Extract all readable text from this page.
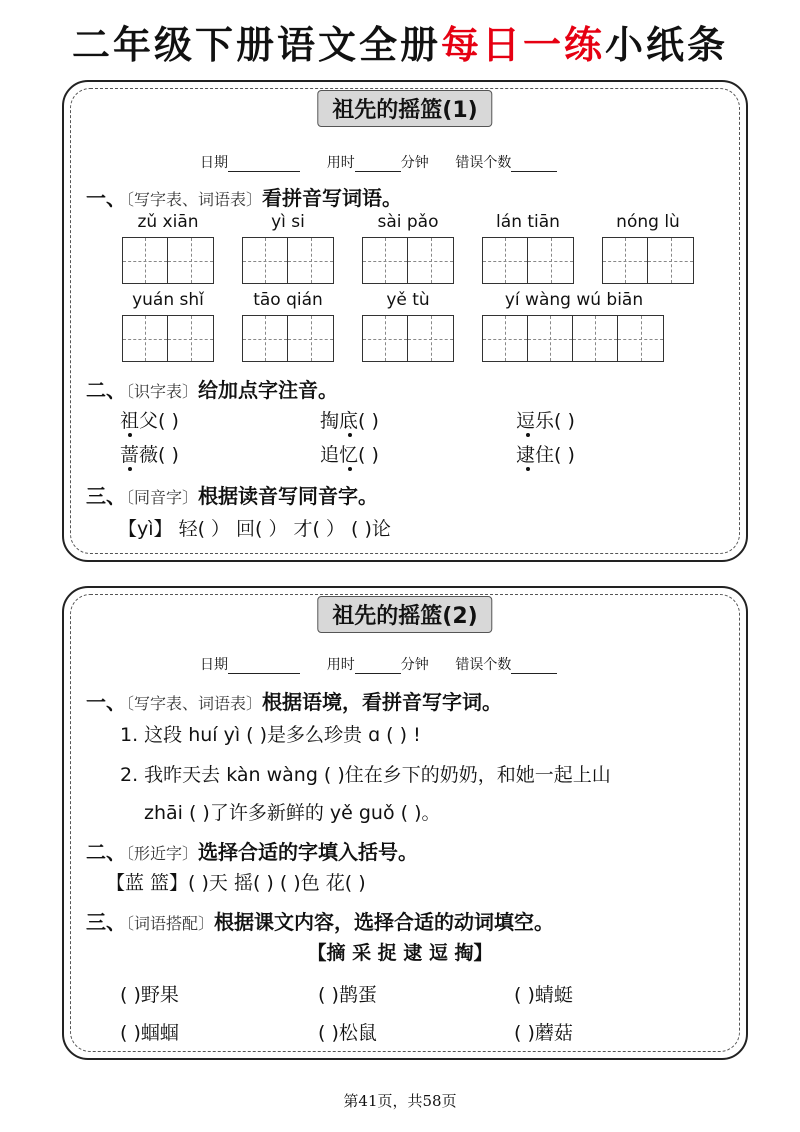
二年级下册语文全册每日一练小纸条
祖先的摇篮(1)
日期	用时	分钟 错误个数
一、〔写字表、词语表〕看拼音写词语。
zǔ xiān	yì si	sài pǎo	lán tiān	nóng lù
yuán shǐ	tāo qián	yě tù	yí wàng wú biān
二、〔识字表〕给加点字注音。
祖父( )	掏底( )	逗乐( )
蔷薇( )	追忆( )	逮住( )
三、〔同音字〕根据读音写同音字。
【yì】 轻( ） 回( ） 才( ） ( )论
祖先的摇篮(2)
日期	用时	分钟 错误个数
一、〔写字表、词语表〕根据语境，看拼音写字词。
1. 这段 huí yì ( )是多么珍贵 ɑ ( ) !
2. 我昨天去 kàn wàng ( )住在乡下的奶奶，和她一起上山
zhāi ( )了许多新鲜的 yě guǒ ( )。
二、〔形近字〕选择合适的字填入括号。
【蓝 篮】( )天 摇( ) ( )色 花( )
三、〔词语搭配〕根据课文内容，选择合适的动词填空。
【摘 采 捉 逮 逗 掏】
( )野果	( )鹊蛋	( )蜻蜓
( )蝈蝈	( )松鼠	( )蘑菇
第41页，共58页
